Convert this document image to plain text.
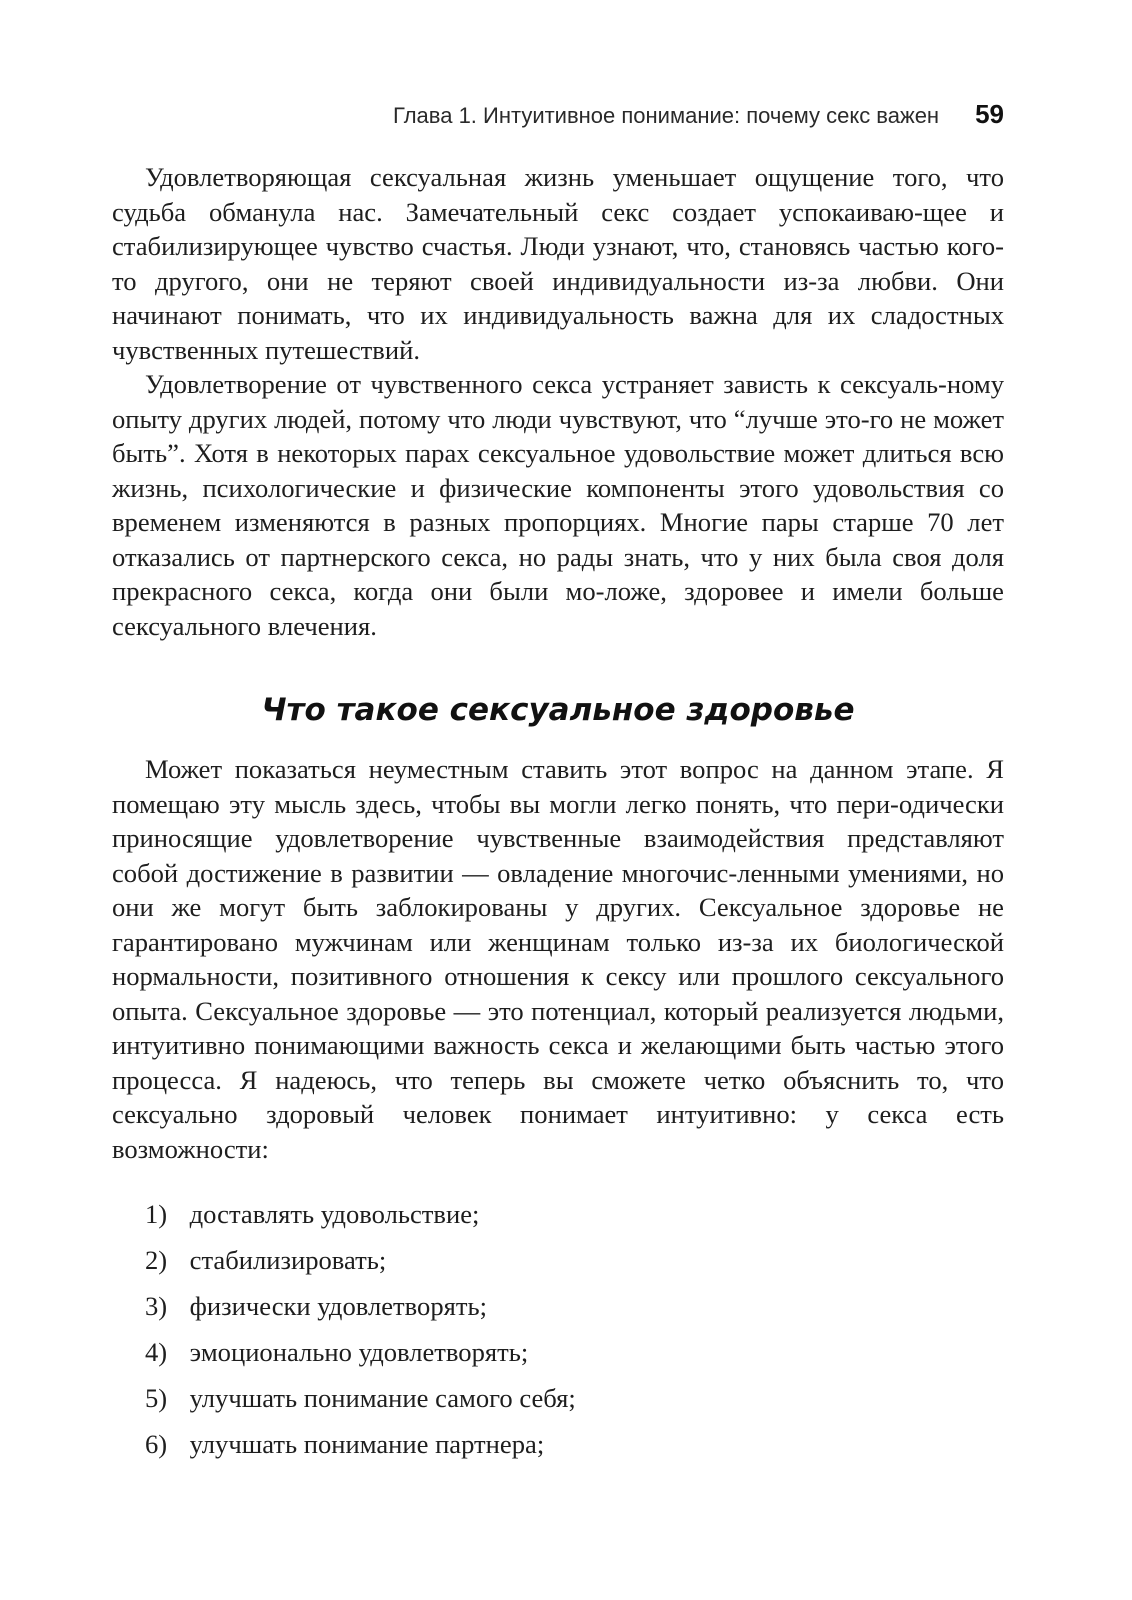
Глава 1. Интуитивное понимание: почему секс важен 59

Удовлетворяющая сексуальная жизнь уменьшает ощущение того, что судьба обманула нас. Замечательный секс создает успокаиваю-щее и стабилизирующее чувство счастья. Люди узнают, что, становясь частью кого-то другого, они не теряют своей индивидуальности из-за любви. Они начинают понимать, что их индивидуальность важна для их сладостных чувственных путешествий.

Удовлетворение от чувственного секса устраняет зависть к сексуаль-ному опыту других людей, потому что люди чувствуют, что “лучше это-го не может быть”. Хотя в некоторых парах сексуальное удовольствие может длиться всю жизнь, психологические и физические компоненты этого удовольствия со временем изменяются в разных пропорциях. Многие пары старше 70 лет отказались от партнерского секса, но рады знать, что у них была своя доля прекрасного секса, когда они были мо-ложе, здоровее и имели больше сексуального влечения.

Что такое сексуальное здоровье

Может показаться неуместным ставить этот вопрос на данном этапе. Я помещаю эту мысль здесь, чтобы вы могли легко понять, что пери-одически приносящие удовлетворение чувственные взаимодействия представляют собой достижение в развитии — овладение многочис-ленными умениями, но они же могут быть заблокированы у других. Сексуальное здоровье не гарантировано мужчинам или женщинам только из-за их биологической нормальности, позитивного отношения к сексу или прошлого сексуального опыта. Сексуальное здоровье — это потенциал, который реализуется людьми, интуитивно понимающими важность секса и желающими быть частью этого процесса. Я надеюсь, что теперь вы сможете четко объяснить то, что сексуально здоровый человек понимает интуитивно: у секса есть возможности:

1) доставлять удовольствие;
2) стабилизировать;
3) физически удовлетворять;
4) эмоционально удовлетворять;
5) улучшать понимание самого себя;
6) улучшать понимание партнера;
